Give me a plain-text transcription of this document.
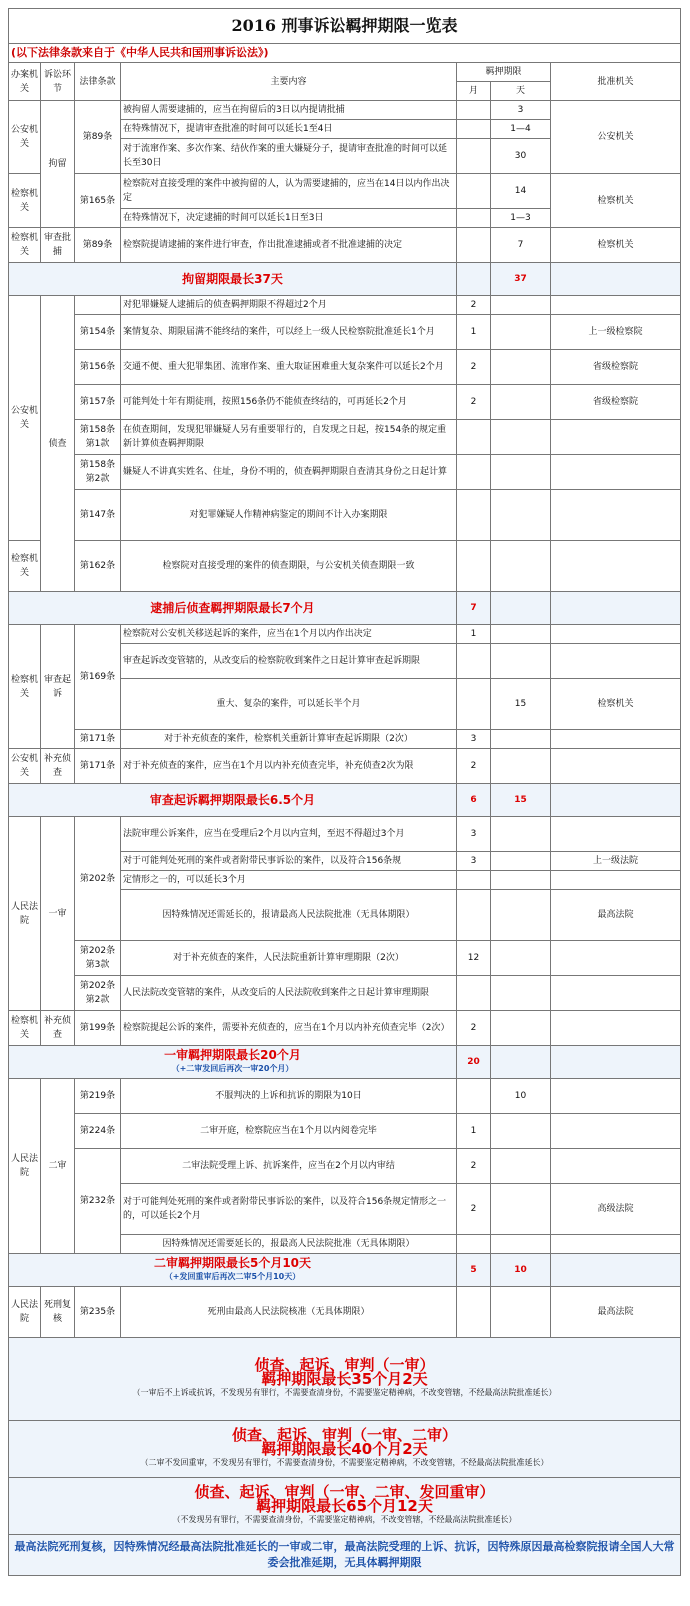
2016 刑事诉讼羁押期限一览表						
(以下法律条款来自于《中华人民共和国刑事诉讼法》)						
办案机关	诉讼环节	法律条款	主要内容	羁押期限		批准机关
				月	天	
公安机关	拘留	第89条	被拘留人需要逮捕的，应当在拘留后的3日以内提请批捕		3	公安机关
			在特殊情况下，提请审查批准的时间可以延长1至4日		1—4	
			对于流窜作案、多次作案、结伙作案的重大嫌疑分子，提请审查批准的时间可以延长至30日		30	
检察机关		第165条	检察院对直接受理的案件中被拘留的人，认为需要逮捕的，应当在14日以内作出决定		14	检察机关
			在特殊情况下，决定逮捕的时间可以延长1日至3日		1—3	
检察机关	审查批捕	第89条	检察院提请逮捕的案件进行审查，作出批准逮捕或者不批准逮捕的决定		7	检察机关
拘留期限最长37天					37	
公安机关	侦查		对犯罪嫌疑人逮捕后的侦查羁押期限不得超过2个月	2		
		第154条	案情复杂、期限届满不能终结的案件，可以经上一级人民检察院批准延长1个月	1		上一级检察院
		第156条	交通不便、重大犯罪集团、流窜作案、重大取证困难重大复杂案件可以延长2个月	2		省级检察院
		第157条	可能判处十年有期徒刑，按照156条仍不能侦查终结的，可再延长2个月	2		省级检察院
		第158条第1款	在侦查期间，发现犯罪嫌疑人另有重要罪行的，自发现之日起，按154条的规定重新计算侦查羁押期限			
		第158条第2款	嫌疑人不讲真实姓名、住址，身份不明的，侦查羁押期限自查清其身份之日起计算			
		第147条	对犯罪嫌疑人作精神病鉴定的期间不计入办案期限			
检察机关		第162条	检察院对直接受理的案件的侦查期限，与公安机关侦查期限一致			
逮捕后侦查羁押期限最长7个月				7		
检察机关	审查起诉	第169条	检察院对公安机关移送起诉的案件，应当在1个月以内作出决定	1		
			审查起诉改变管辖的，从改变后的检察院收到案件之日起计算审查起诉期限			
			重大、复杂的案件，可以延长半个月		15	检察机关
		第171条	对于补充侦查的案件，检察机关重新计算审查起诉期限（2次）	3		
公安机关	补充侦查	第171条	对于补充侦查的案件，应当在1个月以内补充侦查完毕，补充侦查2次为限	2		
审查起诉羁押期限最长6.5个月				6	15	
人民法院	一审	第202条	法院审理公诉案件，应当在受理后2个月以内宣判，至迟不得超过3个月	3		
			对于可能判处死刑的案件或者附带民事诉讼的案件，以及符合156条规	3		上一级法院
			定情形之一的，可以延长3个月			
			因特殊情况还需延长的，报请最高人民法院批准（无具体期限）			最高法院
		第202条第3款	对于补充侦查的案件，人民法院重新计算审理期限（2次）	12		
		第202条第2款	人民法院改变管辖的案件，从改变后的人民法院收到案件之日起计算审理期限			
检察机关	补充侦查	第199条	检察院提起公诉的案件，需要补充侦查的，应当在1个月以内补充侦查完毕（2次）	2		

一审羁押期限最长20个月
（+二审发回后再次一审20个月）				20		
人民法院	二审	第219条	不服判决的上诉和抗诉的期限为10日		10	
		第224条	二审开庭，检察院应当在1个月以内阅卷完毕	1		
		第232条	二审法院受理上诉、抗诉案件，应当在2个月以内审结	2		
			对于可能判处死刑的案件或者附带民事诉讼的案件，以及符合156条规定情形之一的，可以延长2个月	2		高级法院
			因特殊情况还需要延长的，报最高人民法院批准（无具体期限）			

二审羁押期限最长5个月10天
（+发回重审后再次二审5个月10天）				5	10	
人民法院	死刑复核	第235条	死刑由最高人民法院核准（无具体期限）			最高法院

侦查、起诉、审判（一审）
羁押期限最长35个月2天
（一审后不上诉或抗诉，不发现另有罪行，不需要查清身份，不需要鉴定精神病，不改变管辖，不经最高法院批准延长）						

侦查、起诉、审判（一审、二审）
羁押期限最长40个月2天
（二审不发回重审，不发现另有罪行，不需要查清身份，不需要鉴定精神病，不改变管辖，不经最高法院批准延长）						

侦查、起诉、审判（一审、二审、发回重审）
羁押期限最长65个月12天
（不发现另有罪行，不需要查清身份，不需要鉴定精神病，不改变管辖，不经最高法院批准延长）						

最高法院死刑复核，因特殊情况经最高法院批准延长的一审或二审，最高法院受理的上诉、抗诉，因特殊原因最高检察院报请全国人大常委会批准延期，无具体羁押期限						
